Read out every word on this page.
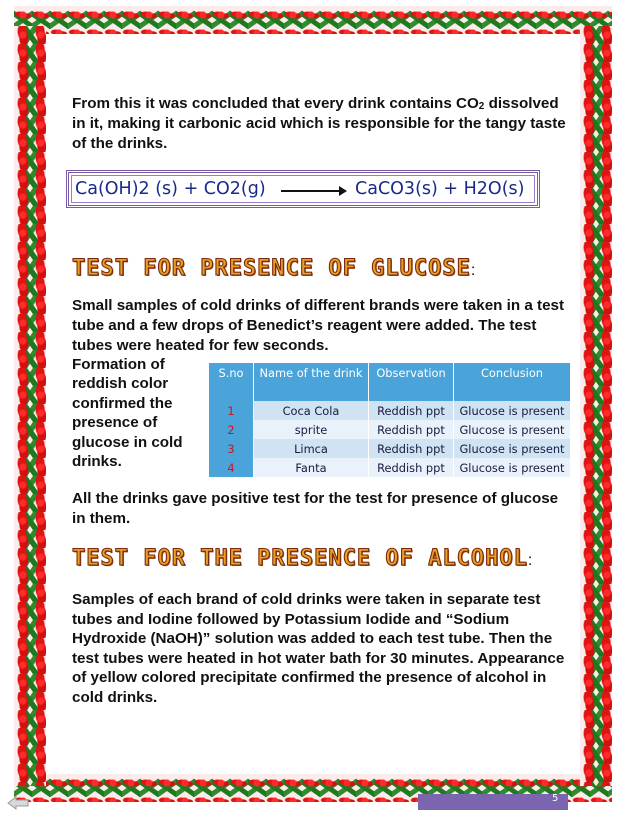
From this it was concluded that every drink contains $CO_2$ dissolved in it, making it carbonic acid which is responsible for the tangy taste of the drinks.
Ca(OH)2 (s) + CO2(g) → CaCO3(s) + H2O(s)
TEST FOR PRESENCE OF GLUCOSE:
Small samples of cold drinks of different brands were taken in a test tube and a few drops of Benedict’s reagent were added. The test tubes were heated for few seconds.
Formation of reddish color confirmed the presence of glucose in cold drinks.
S.no	Name of the drink	Observation	Conclusion
1	Coca Cola	Reddish ppt	Glucose is present
2	sprite	Reddish ppt	Glucose is present
3	Limca	Reddish ppt	Glucose is present
4	Fanta	Reddish ppt	Glucose is present
All the drinks gave positive test for the test for presence of glucose in them.
TEST FOR THE PRESENCE OF ALCOHOL:
Samples of each brand of cold drinks were taken in separate test tubes and Iodine followed by Potassium Iodide and “Sodium Hydroxide (NaOH)” solution was added to each test tube. Then the test tubes were heated in hot water bath for 30 minutes. Appearance of yellow colored precipitate confirmed the presence of alcohol in cold drinks.
5
